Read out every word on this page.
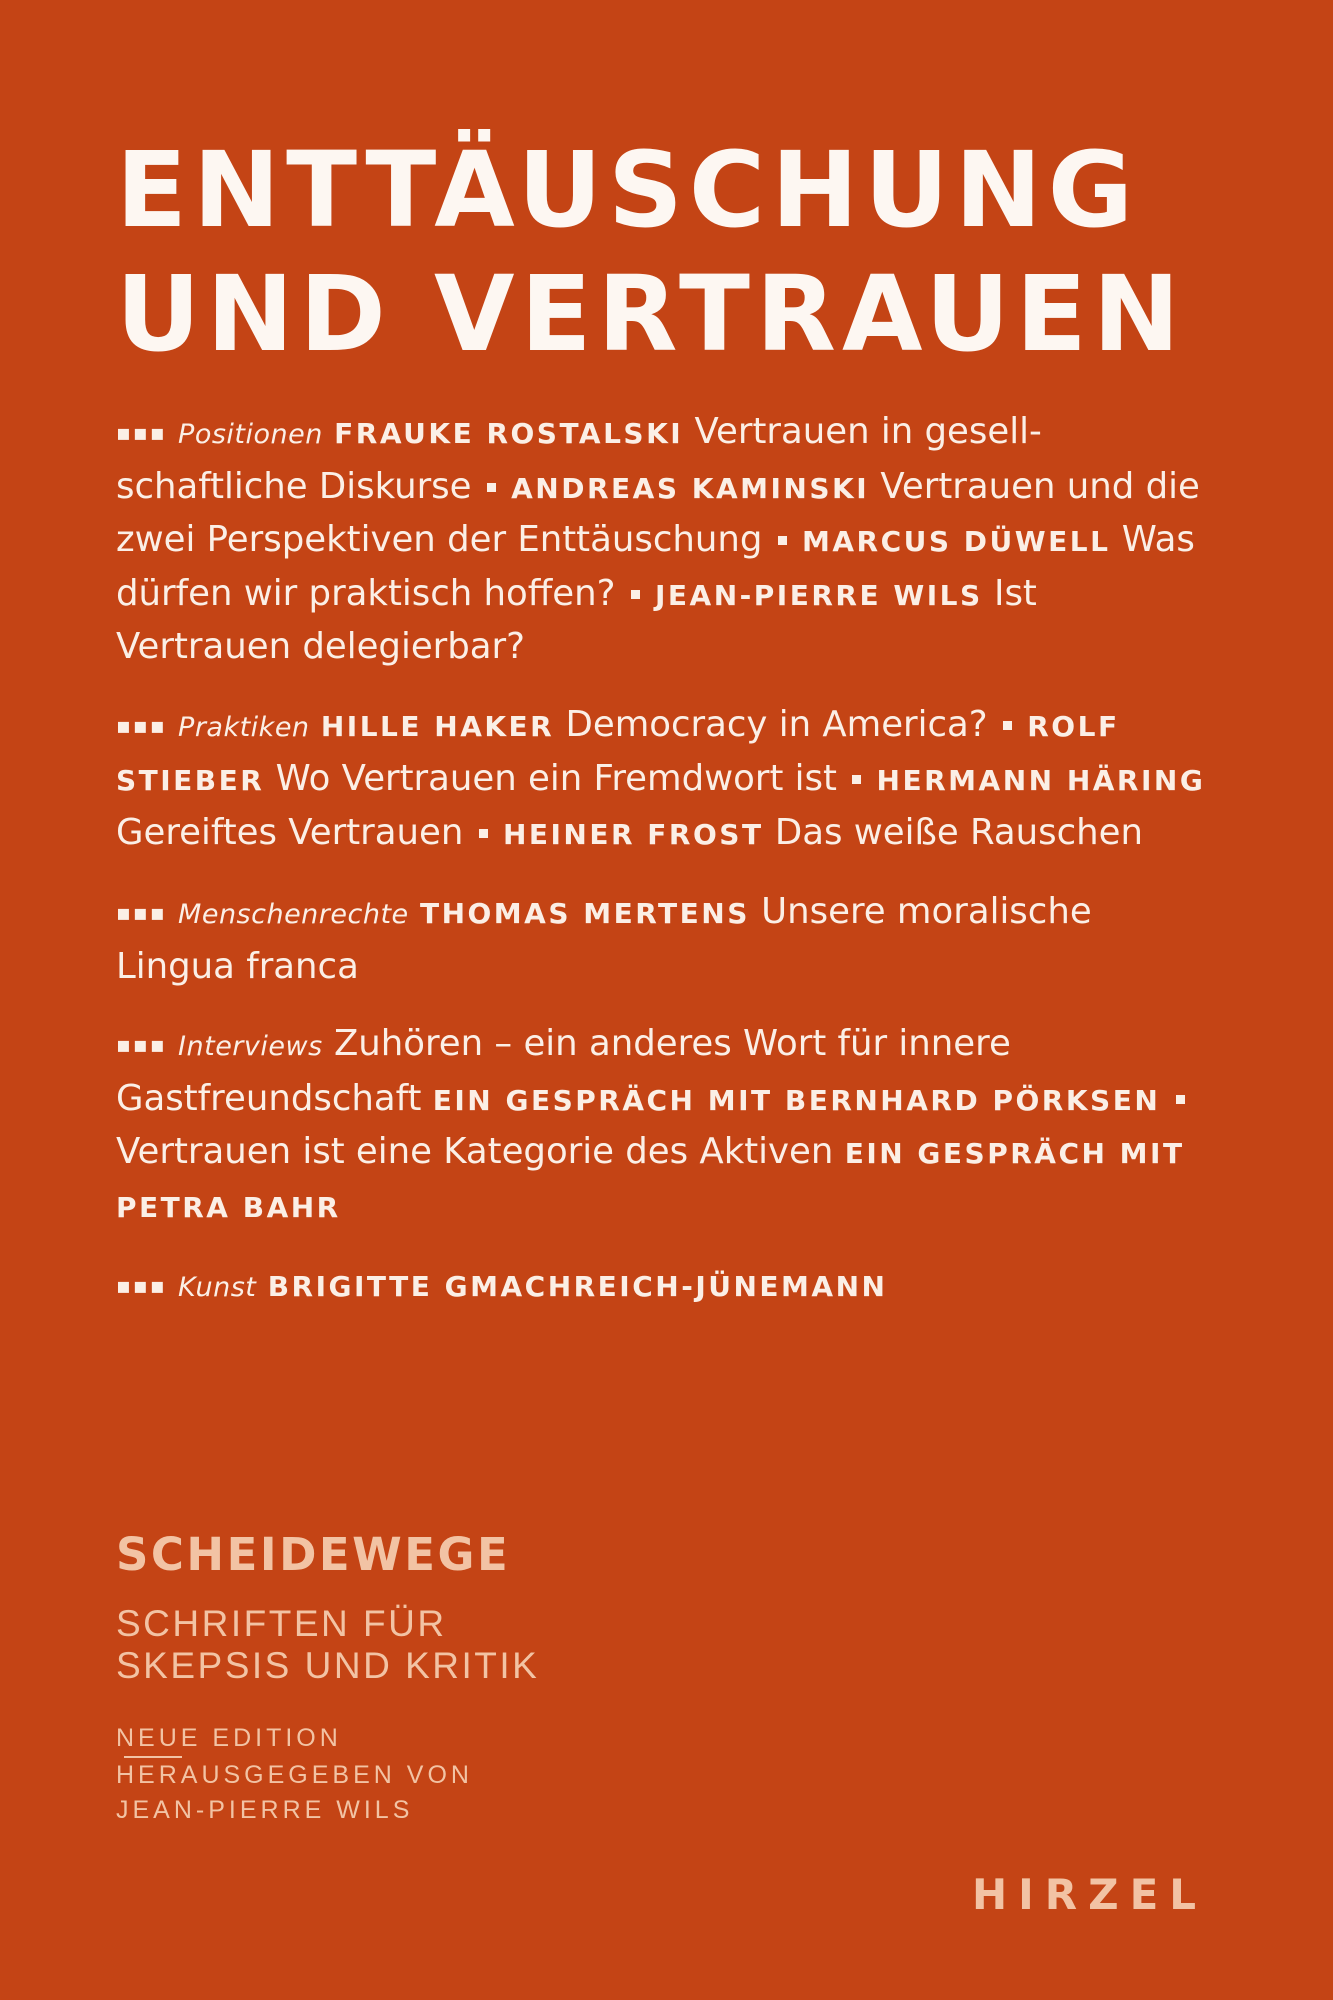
ENTTÄUSCHUNG
UND VERTRAUEN

▪▪▪ Positionen FRAUKE ROSTALSKI Vertrauen in gesellschaftliche Diskurse ANDREAS KAMINSKI Vertrauen und die zwei Perspektiven der Enttäuschung MARCUS DÜWELL Was dürfen wir praktisch hoffen? JEAN-PIERRE WILS Ist Vertrauen delegierbar?

▪▪▪ Praktiken HILLE HAKER Democracy in America? ROLF STIEBER Wo Vertrauen ein Fremdwort ist HERMANN HÄRING Gereiftes Vertrauen HEINER FROST Das weiße Rauschen

▪▪▪ Menschenrechte THOMAS MERTENS Unsere moralische Lingua franca

▪▪▪ Interviews Zuhören – ein anderes Wort für innere Gastfreundschaft EIN GESPRÄCH MIT BERNHARD PÖRKSEN  Vertrauen ist eine Kategorie des Aktiven EIN GESPRÄCH MIT PETRA BAHR

▪▪▪ Kunst BRIGITTE GMACHREICH-JÜNEMANN

SCHEIDEWEGE
SCHRIFTEN FÜR
SKEPSIS UND KRITIK
NEUE EDITION
HERAUSGEGEBEN VON
JEAN-PIERRE WILS
HIRZEL
